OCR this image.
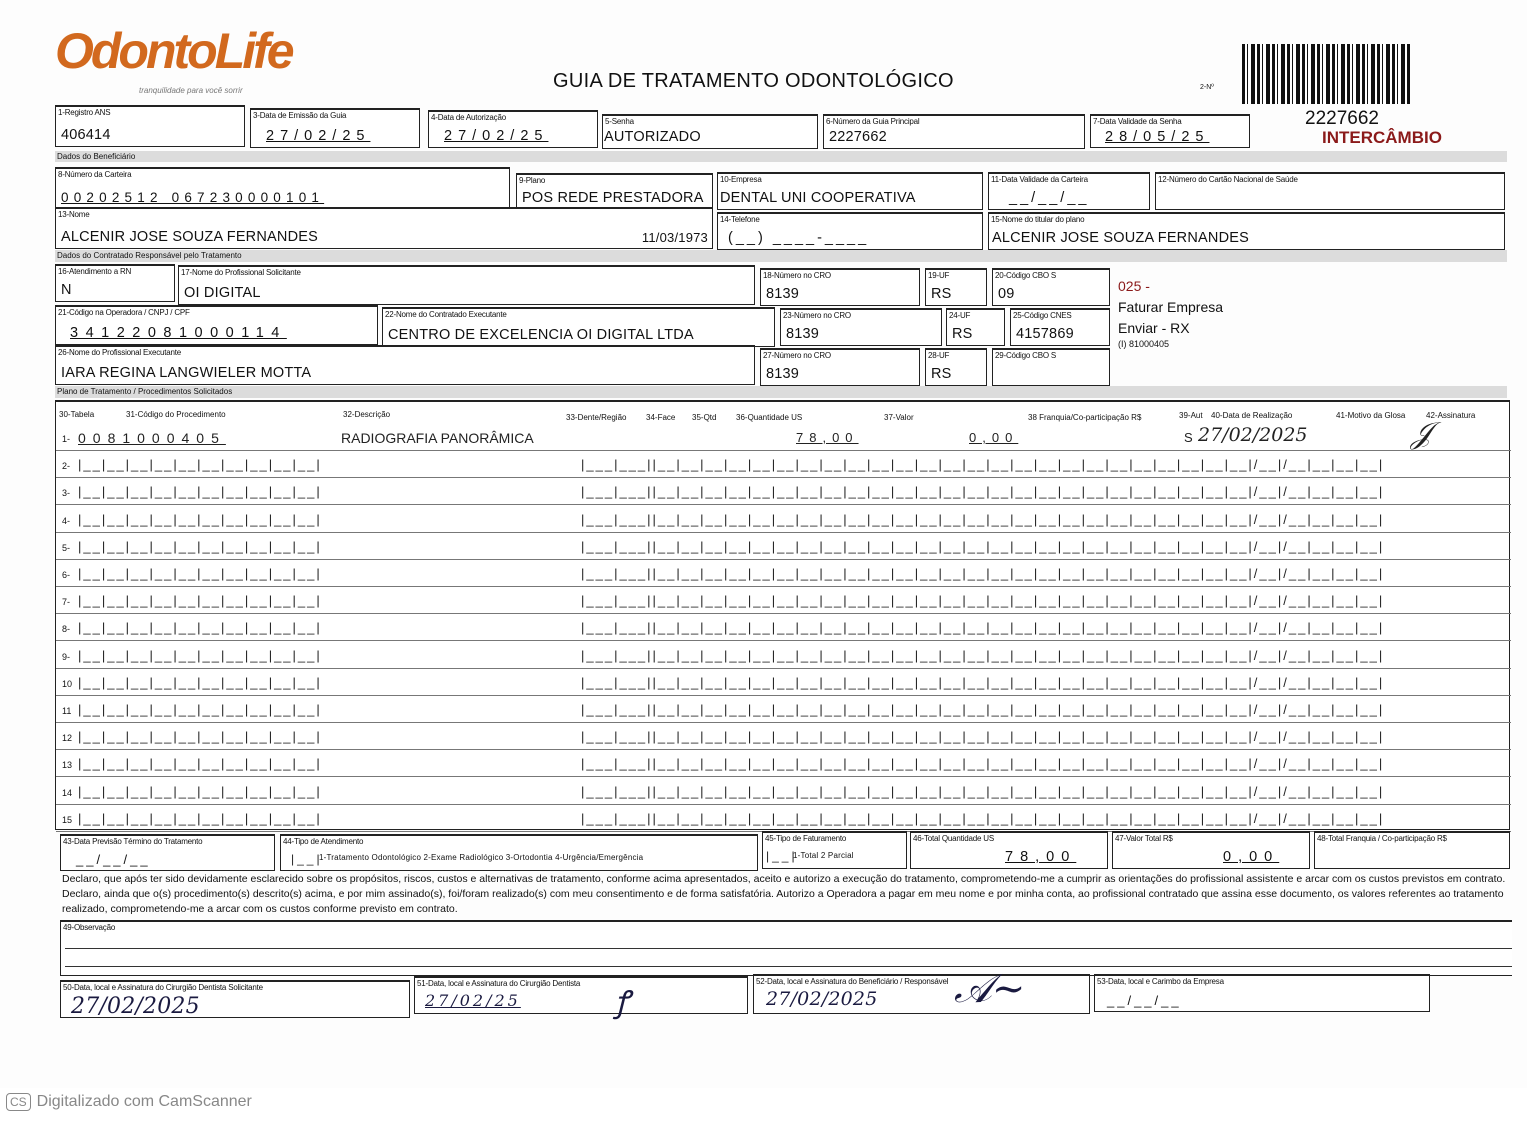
OdontoLife
tranquilidade para você sorrir	GUIA DE TRATAMENTO ODONTOLÓGICO	2-Nº
2227662
INTERCÂMBIO
1-Registro ANS
406414
3-Data de Emissão da Guia
27/02/25
4-Data de Autorização
27/02/25
5-Senha
AUTORIZADO
6-Número da Guia Principal
2227662
7-Data Validade da Senha
28/05/25
Dados do Beneficiário
8-Número da Carteira
00202512 067230000101
9-Plano
POS REDE PRESTADORA
10-Empresa
DENTAL UNI COOPERATIVA
11-Data Validade da Carteira
__/__/__
12-Número do Cartão Nacional de Saúde
13-Nome
ALCENIR JOSE SOUZA FERNANDES	11/03/1973
14-Telefone
(__) ____-____
15-Nome do titular do plano
ALCENIR JOSE SOUZA FERNANDES
Dados do Contratado Responsável pelo Tratamento
16-Atendimento a RN
N
17-Nome do Profissional Solicitante
OI DIGITAL
18-Número no CRO
8139
19-UF
RS
20-Código CBO S
09	025 -
Faturar Empresa
Enviar - RX
(I) 81000405
21-Código na Operadora / CNPJ / CPF
34122081000114
22-Nome do Contratado Executante
CENTRO DE EXCELENCIA OI DIGITAL LTDA
23-Número no CRO
8139
24-UF
RS
25-Código CNES
4157869
26-Nome do Profissional Executante
IARA REGINA LANGWIELER MOTTA
27-Número no CRO
8139
28-UF
RS
29-Código CBO S
Plano de Tratamento / Procedimentos Solicitados
30-Tabela	31-Código do Procedimento	32-Descrição	33-Dente/Região 34-Face 35-Qtd 36-Quantidade US	37-Valor	38 Franquia/Co-participação R$	39-Aut 40-Data de Realização	41-Motivo da Glosa	42-Assinatura
1- 0081000405	RADIOGRAFIA PANORÂMICA	78,00	0,00	S 27/02/2025	𝒥
2- |__|__|__|__|__|__|__|__|__|__|	|___|___||__|__|__|__|__|__|__|__|__|__|__|__|__|__|__|__|__|__|__|__|__|__|__|__|__|/__|/__|__|__|__|
3- |__|__|__|__|__|__|__|__|__|__|	|___|___||__|__|__|__|__|__|__|__|__|__|__|__|__|__|__|__|__|__|__|__|__|__|__|__|__|/__|/__|__|__|__|
4- |__|__|__|__|__|__|__|__|__|__|	|___|___||__|__|__|__|__|__|__|__|__|__|__|__|__|__|__|__|__|__|__|__|__|__|__|__|__|/__|/__|__|__|__|
5- |__|__|__|__|__|__|__|__|__|__|	|___|___||__|__|__|__|__|__|__|__|__|__|__|__|__|__|__|__|__|__|__|__|__|__|__|__|__|/__|/__|__|__|__|
6- |__|__|__|__|__|__|__|__|__|__|	|___|___||__|__|__|__|__|__|__|__|__|__|__|__|__|__|__|__|__|__|__|__|__|__|__|__|__|/__|/__|__|__|__|
7- |__|__|__|__|__|__|__|__|__|__|	|___|___||__|__|__|__|__|__|__|__|__|__|__|__|__|__|__|__|__|__|__|__|__|__|__|__|__|/__|/__|__|__|__|
8- |__|__|__|__|__|__|__|__|__|__|	|___|___||__|__|__|__|__|__|__|__|__|__|__|__|__|__|__|__|__|__|__|__|__|__|__|__|__|/__|/__|__|__|__|
9- |__|__|__|__|__|__|__|__|__|__|	|___|___||__|__|__|__|__|__|__|__|__|__|__|__|__|__|__|__|__|__|__|__|__|__|__|__|__|/__|/__|__|__|__|
10 |__|__|__|__|__|__|__|__|__|__|	|___|___||__|__|__|__|__|__|__|__|__|__|__|__|__|__|__|__|__|__|__|__|__|__|__|__|__|/__|/__|__|__|__|
11 |__|__|__|__|__|__|__|__|__|__|	|___|___||__|__|__|__|__|__|__|__|__|__|__|__|__|__|__|__|__|__|__|__|__|__|__|__|__|/__|/__|__|__|__|
12 |__|__|__|__|__|__|__|__|__|__|	|___|___||__|__|__|__|__|__|__|__|__|__|__|__|__|__|__|__|__|__|__|__|__|__|__|__|__|/__|/__|__|__|__|
13 |__|__|__|__|__|__|__|__|__|__|	|___|___||__|__|__|__|__|__|__|__|__|__|__|__|__|__|__|__|__|__|__|__|__|__|__|__|__|/__|/__|__|__|__|
14 |__|__|__|__|__|__|__|__|__|__|	|___|___||__|__|__|__|__|__|__|__|__|__|__|__|__|__|__|__|__|__|__|__|__|__|__|__|__|/__|/__|__|__|__|
15 |__|__|__|__|__|__|__|__|__|__|	|___|___||__|__|__|__|__|__|__|__|__|__|__|__|__|__|__|__|__|__|__|__|__|__|__|__|__|/__|/__|__|__|__|
43-Data Previsão Término do Tratamento
__/__/__
44-Tipo de Atendimento
|__|
1-Tratamento Odontológico 2-Exame Radiológico 3-Ortodontia 4-Urgência/Emergência
45-Tipo de Faturamento
|__|
1-Total 2 Parcial
46-Total Quantidade US
78,00
47-Valor Total R$
0,00
48-Total Franquia / Co-participação R$
Declaro, que após ter sido devidamente esclarecido sobre os propósitos, riscos, custos e alternativas de tratamento, conforme acima apresentados, aceito e autorizo a execução do tratamento, comprometendo-me a cumprir as orientações do profissional assistente e arcar com os custos previstos em contrato. Declaro, ainda que o(s) procedimento(s) descrito(s) acima, e por mim assinado(s), foi/foram realizado(s) com meu consentimento e de forma satisfatória. Autorizo a Operadora a pagar em meu nome e por minha conta, ao profissional contratado que assina esse documento, os valores referentes ao tratamento realizado, comprometendo-me a arcar com os custos conforme previsto em contrato.
49-Observação
50-Data, local e Assinatura do Cirurgião Dentista Solicitante
27/02/2025
51-Data, local e Assinatura do Cirurgião Dentista
27/02/25	ꝭ
52-Data, local e Assinatura do Beneficiário / Responsável
27/02/2025 𝒜~	53-Data, local e Carimbo da Empresa
__/__/__
CS Digitalizado com CamScanner
